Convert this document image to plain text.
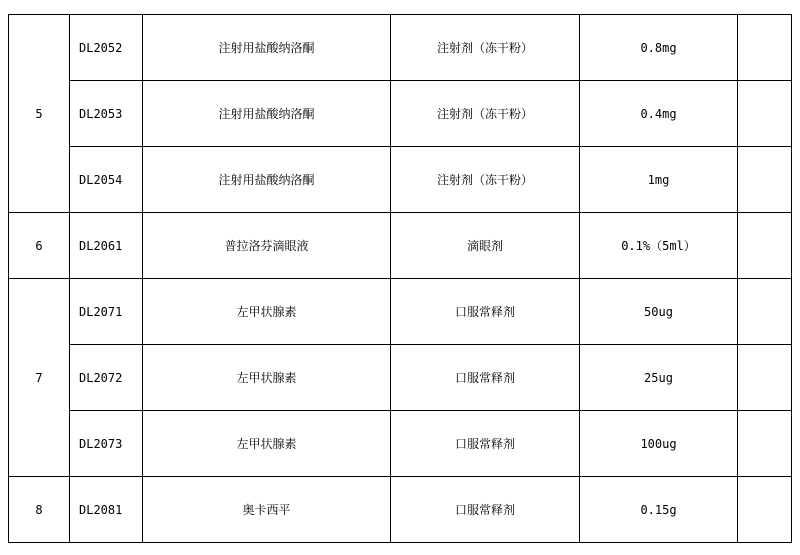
5	DL2052	注射用盐酸纳洛酮	注射剂（冻干粉）	0.8mg	
	DL2053	注射用盐酸纳洛酮	注射剂（冻干粉）	0.4mg	
	DL2054	注射用盐酸纳洛酮	注射剂（冻干粉）	1mg	
6	DL2061	普拉洛芬滴眼液	滴眼剂	0.1%（5ml）	
7	DL2071	左甲状腺素	口服常释剂	50ug	
	DL2072	左甲状腺素	口服常释剂	25ug	
	DL2073	左甲状腺素	口服常释剂	100ug	
8	DL2081	奥卡西平	口服常释剂	0.15g	
